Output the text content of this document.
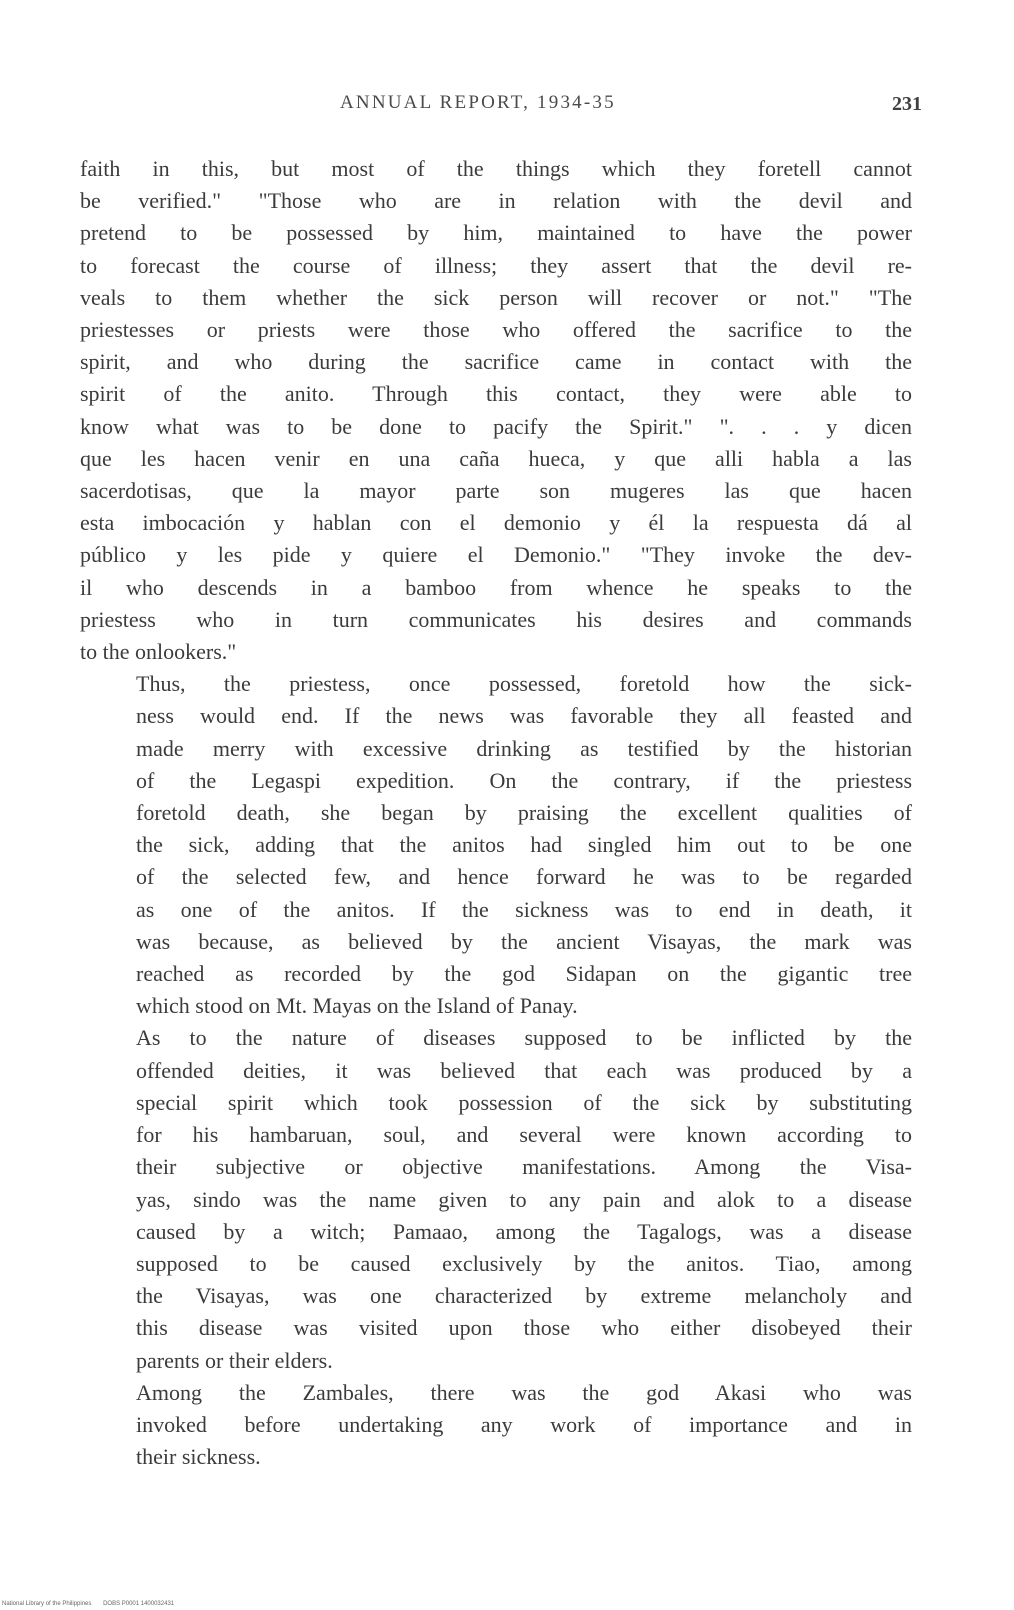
ANNUAL REPORT, 1934-35	231

faith in this, but most of the things which they foretell cannot
be verified." "Those who are in relation with the devil and
pretend to be possessed by him, maintained to have the power
to forecast the course of illness; they assert that the devil re-
veals to them whether the sick person will recover or not." "The
priestesses or priests were those who offered the sacrifice to the
spirit, and who during the sacrifice came in contact with the
spirit of the anito. Through this contact, they were able to
know what was to be done to pacify the Spirit." ". . . y dicen
que les hacen venir en una caña hueca, y que alli habla a las
sacerdotisas, que la mayor parte son mugeres las que hacen
esta imbocación y hablan con el demonio y él la respuesta dá al
público y les pide y quiere el Demonio." "They invoke the dev-
il who descends in a bamboo from whence he speaks to the
priestess who in turn communicates his desires and commands
to the onlookers."

Thus, the priestess, once possessed, foretold how the sick-
ness would end. If the news was favorable they all feasted and
made merry with excessive drinking as testified by the historian
of the Legaspi expedition. On the contrary, if the priestess
foretold death, she began by praising the excellent qualities of
the sick, adding that the anitos had singled him out to be one
of the selected few, and hence forward he was to be regarded
as one of the anitos. If the sickness was to end in death, it
was because, as believed by the ancient Visayas, the mark was
reached as recorded by the god Sidapan on the gigantic tree
which stood on Mt. Mayas on the Island of Panay.

As to the nature of diseases supposed to be inflicted by the
offended deities, it was believed that each was produced by a
special spirit which took possession of the sick by substituting
for his hambaruan, soul, and several were known according to
their subjective or objective manifestations. Among the Visa-
yas, sindo was the name given to any pain and alok to a disease
caused by a witch; Pamaao, among the Tagalogs, was a disease
supposed to be caused exclusively by the anitos. Tiao, among
the Visayas, was one characterized by extreme melancholy and
this disease was visited upon those who either disobeyed their
parents or their elders.

Among the Zambales, there was the god Akasi who was
invoked before undertaking any work of importance and in
their sickness.

National Library of the Philippines DOBS P0001 1400032431
